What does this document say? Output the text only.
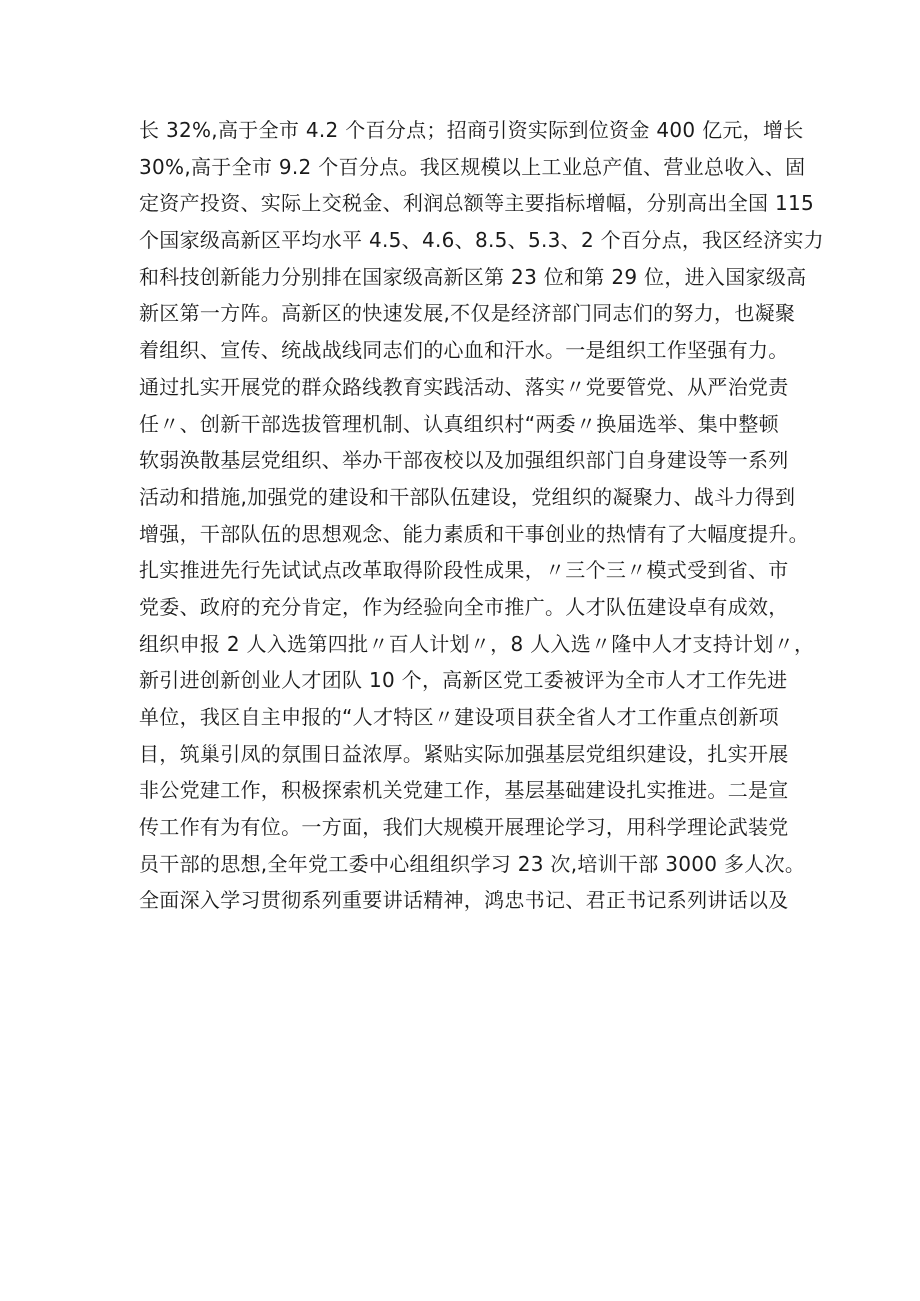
长 32%,高于全市 4.2 个百分点；招商引资实际到位资金 400 亿元，增长
30%,高于全市 9.2 个百分点。我区规模以上工业总产值、营业总收入、固
定资产投资、实际上交税金、利润总额等主要指标增幅，分别高出全国 115
个国家级高新区平均水平 4.5、4.6、8.5、5.3、2 个百分点，我区经济实力
和科技创新能力分别排在国家级高新区第 23 位和第 29 位，进入国家级高
新区第一方阵。高新区的快速发展,不仅是经济部门同志们的努力，也凝聚
着组织、宣传、统战战线同志们的心血和汗水。一是组织工作坚强有力。
通过扎实开展党的群众路线教育实践活动、落实〃党要管党、从严治党责
任〃、创新干部选拔管理机制、认真组织村“两委〃换届选举、集中整顿
软弱涣散基层党组织、举办干部夜校以及加强组织部门自身建设等一系列
活动和措施,加强党的建设和干部队伍建设，党组织的凝聚力、战斗力得到
增强，干部队伍的思想观念、能力素质和干事创业的热情有了大幅度提升。
扎实推进先行先试试点改革取得阶段性成果，〃三个三〃模式受到省、市
党委、政府的充分肯定，作为经验向全市推广。人才队伍建设卓有成效，
组织申报 2 人入选第四批〃百人计划〃，8 人入选〃隆中人才支持计划〃，
新引进创新创业人才团队 10 个，高新区党工委被评为全市人才工作先进
单位，我区自主申报的“人才特区〃建设项目获全省人才工作重点创新项
目，筑巢引凤的氛围日益浓厚。紧贴实际加强基层党组织建设，扎实开展
非公党建工作，积极探索机关党建工作，基层基础建设扎实推进。二是宣
传工作有为有位。一方面，我们大规模开展理论学习，用科学理论武装党
员干部的思想,全年党工委中心组组织学习 23 次,培训干部 3000 多人次。
全面深入学习贯彻系列重要讲话精神，鸿忠书记、君正书记系列讲话以及
